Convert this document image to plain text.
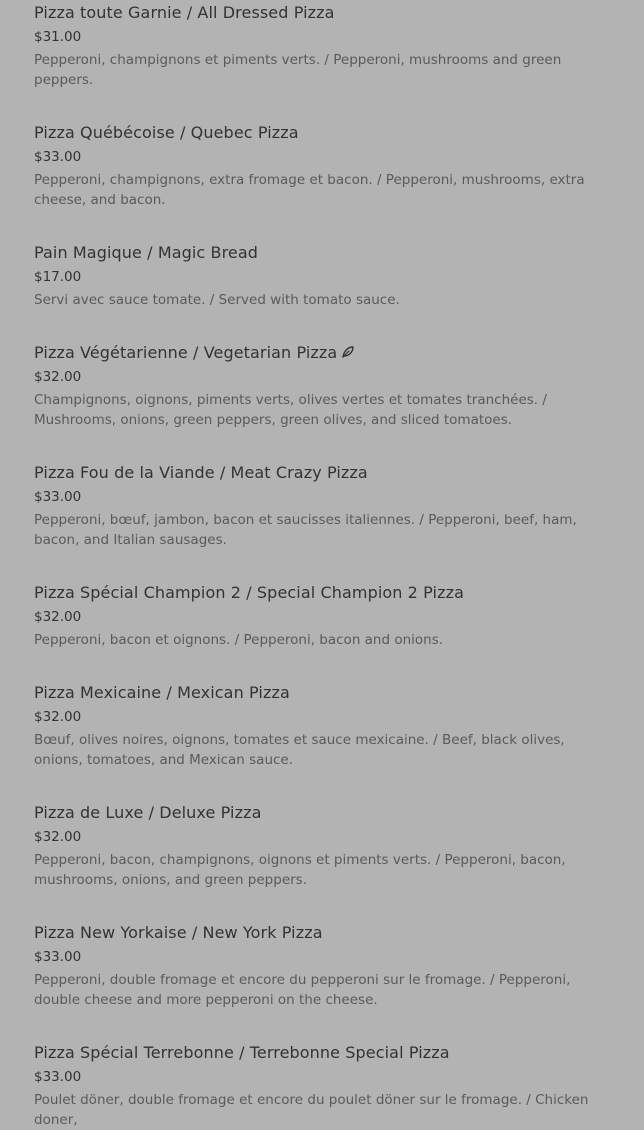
Pizza toute Garnie / All Dressed Pizza
$31.00
Pepperoni, champignons et piments verts. / Pepperoni, mushrooms and green peppers.
Pizza Québécoise / Quebec Pizza
$33.00
Pepperoni, champignons, extra fromage et bacon. / Pepperoni, mushrooms, extra cheese, and bacon.
Pain Magique / Magic Bread
$17.00
Servi avec sauce tomate. / Served with tomato sauce.
Pizza Végétarienne / Vegetarian Pizza
$32.00
Champignons, oignons, piments verts, olives vertes et tomates tranchées. / Mushrooms, onions, green peppers, green olives, and sliced tomatoes.
Pizza Fou de la Viande / Meat Crazy Pizza
$33.00
Pepperoni, bœuf, jambon, bacon et saucisses italiennes. / Pepperoni, beef, ham, bacon, and Italian sausages.
Pizza Spécial Champion 2 / Special Champion 2 Pizza
$32.00
Pepperoni, bacon et oignons. / Pepperoni, bacon and onions.
Pizza Mexicaine / Mexican Pizza
$32.00
Bœuf, olives noires, oignons, tomates et sauce mexicaine. / Beef, black olives, onions, tomatoes, and Mexican sauce.
Pizza de Luxe / Deluxe Pizza
$32.00
Pepperoni, bacon, champignons, oignons et piments verts. / Pepperoni, bacon, mushrooms, onions, and green peppers.
Pizza New Yorkaise / New York Pizza
$33.00
Pepperoni, double fromage et encore du pepperoni sur le fromage. / Pepperoni, double cheese and more pepperoni on the cheese.
Pizza Spécial Terrebonne / Terrebonne Special Pizza
$33.00
Poulet döner, double fromage et encore du poulet döner sur le fromage. / Chicken doner,
